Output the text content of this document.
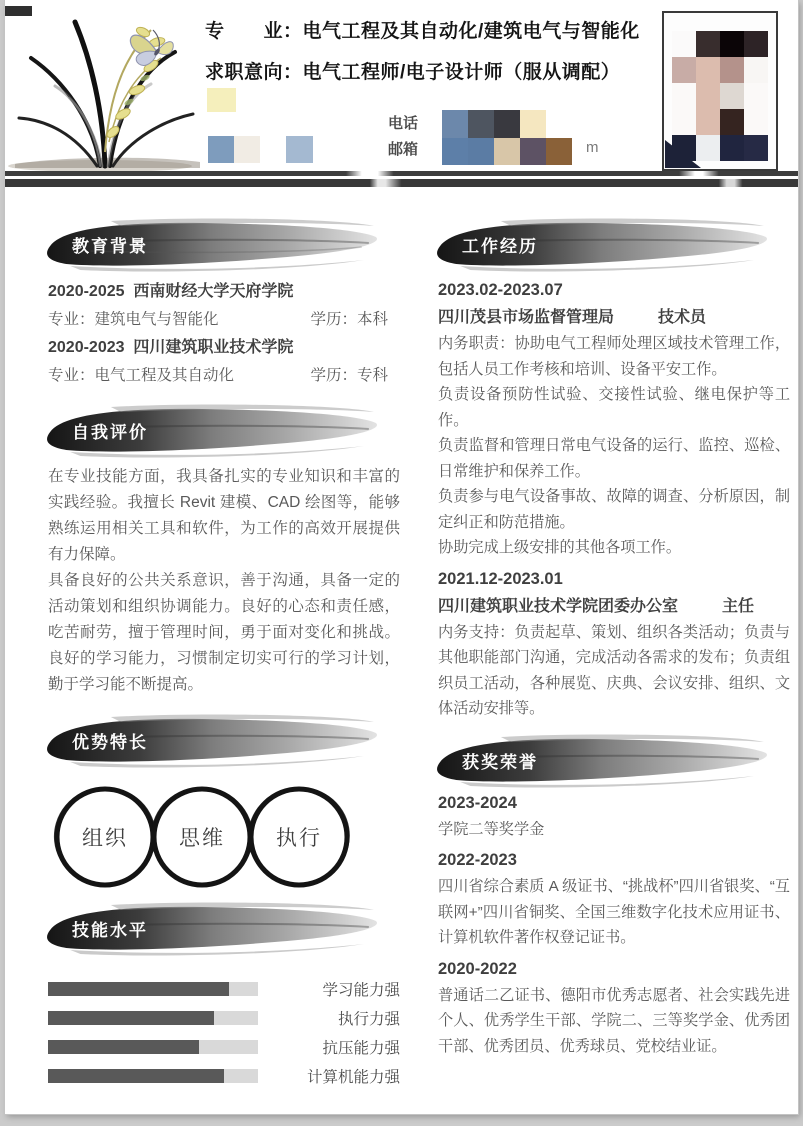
专　　业：电气工程及其自动化/建筑电气与智能化
求职意向：电气工程师/电子设计师（服从调配）
电话
邮箱	m
教育背景
2020-2025 西南财经大学天府学院
专业：建筑电气与智能化	学历：本科
2020-2023 四川建筑职业技术学院
专业：电气工程及其自动化	学历：专科
自我评价

在专业技能方面，我具备扎实的专业知识和丰富的实践经验。我擅长 Revit 建模、CAD 绘图等，能够熟练运用相关工具和软件，为工作的高效开展提供有力保障。

具备良好的公共关系意识，善于沟通，具备一定的活动策划和组织协调能力。良好的心态和责任感，吃苦耐劳，擅于管理时间，勇于面对变化和挑战。良好的学习能力，习惯制定切实可行的学习计划，勤于学习能不断提高。

优势特长
组织 思维 执行
技能水平
学习能力强
执行力强
抗压能力强
计算机能力强
工作经历
2023.02-2023.07
四川茂县市场监督管理局	技术员

内务职责：协助电气工程师处理区域技术管理工作，包括人员工作考核和培训、设备平安工作。

负责设备预防性试验、交接性试验、继电保护等工作。

负责监督和管理日常电气设备的运行、监控、巡检、日常维护和保养工作。

负责参与电气设备事故、故障的调查、分析原因，制定纠正和防范措施。

协助完成上级安排的其他各项工作。

2021.12-2023.01
四川建筑职业技术学院团委办公室	主任

内务支持：负责起草、策划、组织各类活动；负责与其他职能部门沟通，完成活动各需求的发布；负责组织员工活动，各种展览、庆典、会议安排、组织、文体活动安排等。

获奖荣誉
2023-2024

学院二等奖学金

2022-2023

四川省综合素质 A 级证书、“挑战杯”四川省银奖、“互联网+”四川省铜奖、全国三维数字化技术应用证书、计算机软件著作权登记证书。

2020-2022

普通话二乙证书、德阳市优秀志愿者、社会实践先进个人、优秀学生干部、学院二、三等奖学金、优秀团干部、优秀团员、优秀球员、党校结业证。
